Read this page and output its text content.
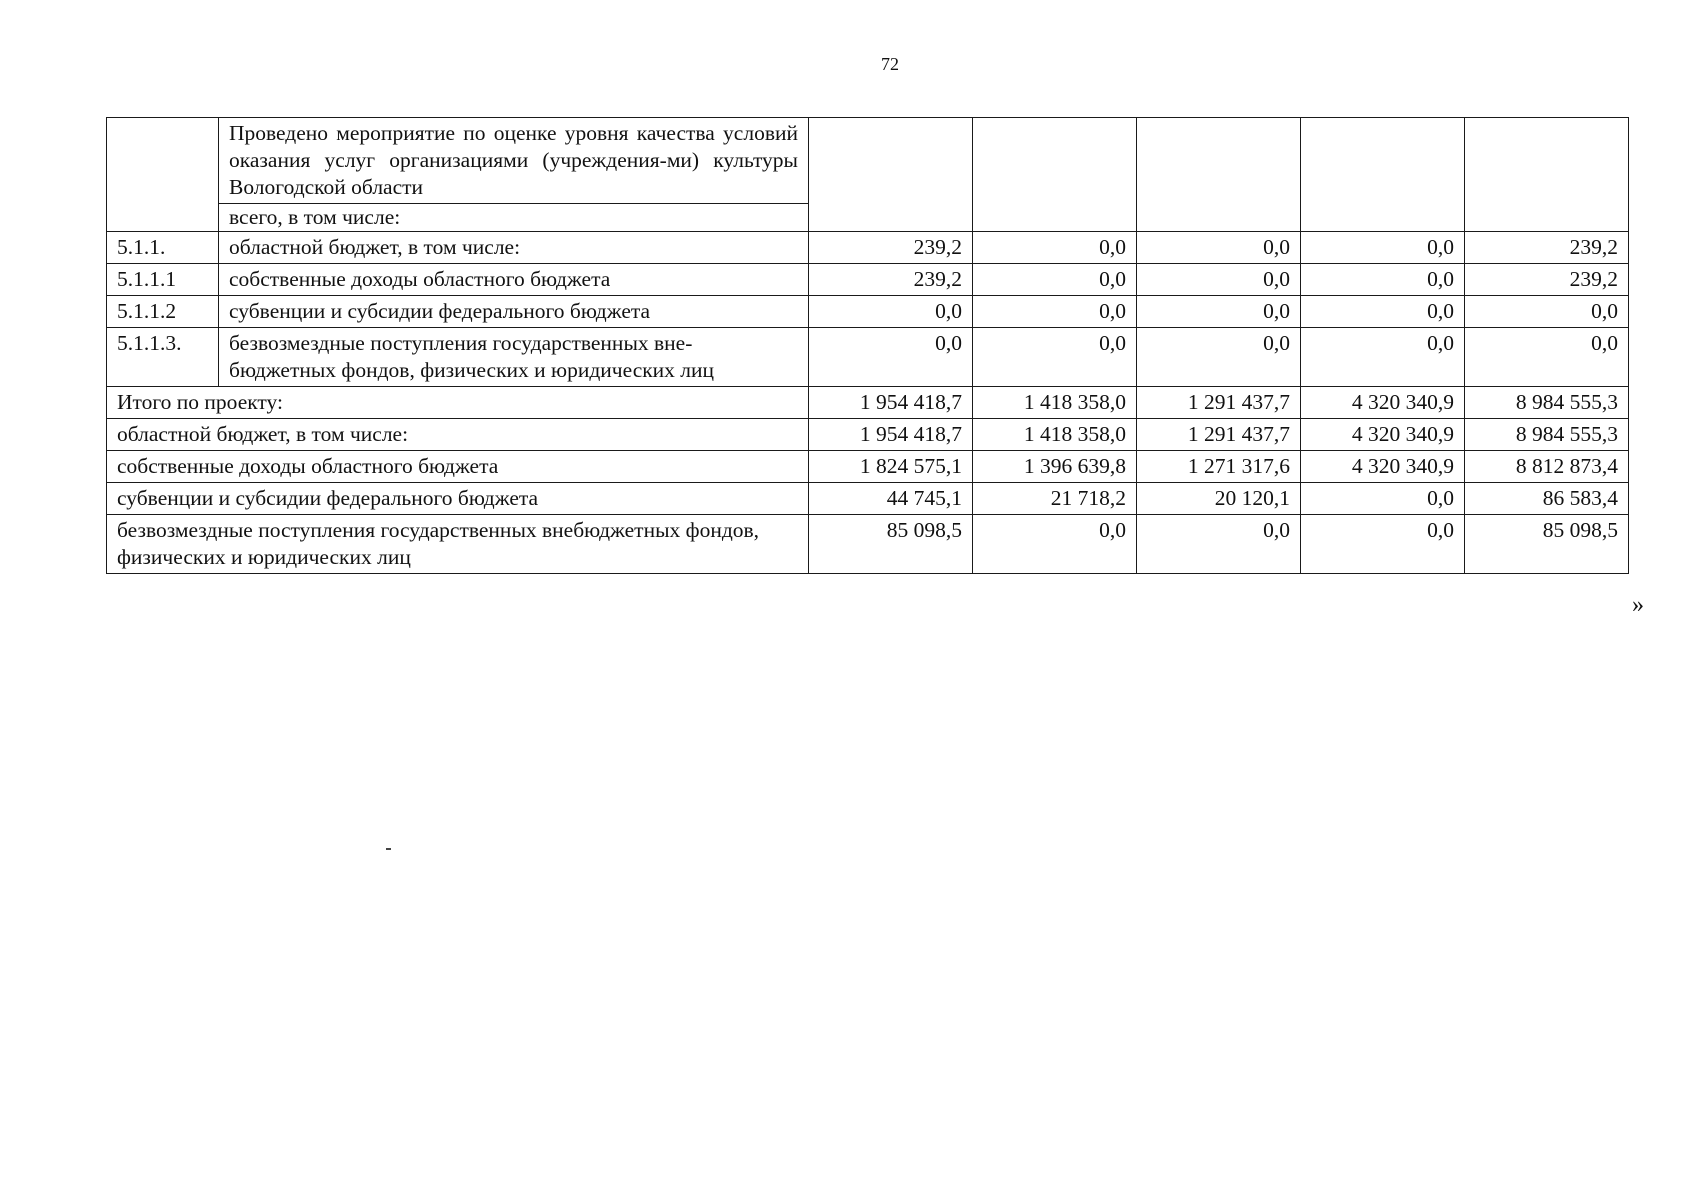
72
	Проведено мероприятие по оценке уровня качества условий оказания услуг организациями (учреждения-ми) культуры Вологодской области					
	всего, в том числе:					
5.1.1.	областной бюджет, в том числе:	239,2	0,0	0,0	0,0	239,2
5.1.1.1	собственные доходы областного бюджета	239,2	0,0	0,0	0,0	239,2
5.1.1.2	субвенции и субсидии федерального бюджета	0,0	0,0	0,0	0,0	0,0
5.1.1.3.	безвозмездные поступления государственных вне-бюджетных фондов, физических и юридических лиц	0,0	0,0	0,0	0,0	0,0
Итого по проекту:		1 954 418,7	1 418 358,0	1 291 437,7	4 320 340,9	8 984 555,3
областной бюджет, в том числе:		1 954 418,7	1 418 358,0	1 291 437,7	4 320 340,9	8 984 555,3
собственные доходы областного бюджета		1 824 575,1	1 396 639,8	1 271 317,6	4 320 340,9	8 812 873,4
субвенции и субсидии федерального бюджета		44 745,1	21 718,2	20 120,1	0,0	86 583,4
безвозмездные поступления государственных внебюджетных фондов, физических и юридических лиц		85 098,5	0,0	0,0	0,0	85 098,5
»
